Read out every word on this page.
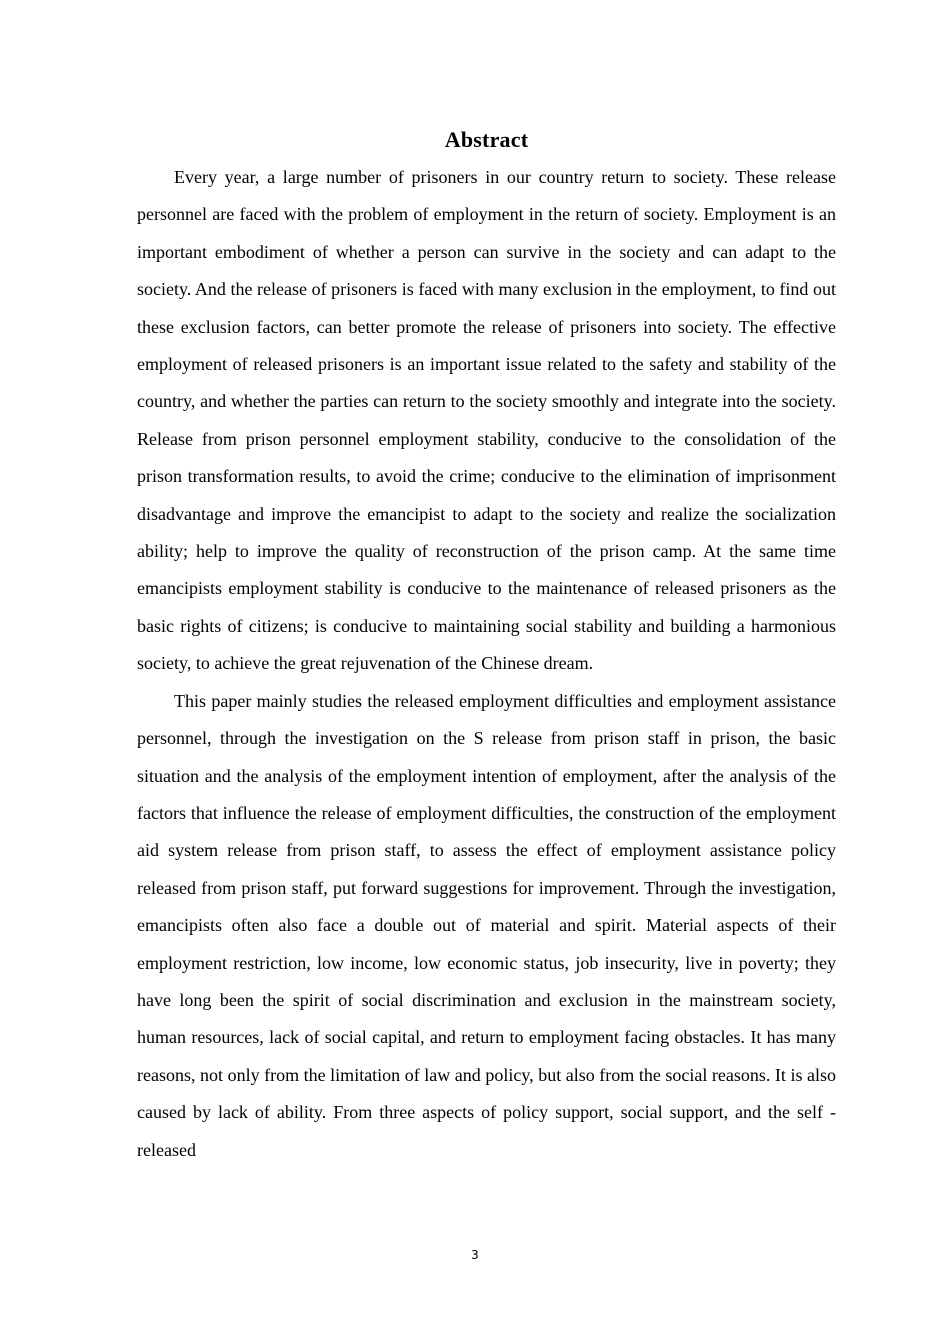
Abstract

Every year, a large number of prisoners in our country return to society. These release personnel are faced with the problem of employment in the return of society. Employment is an important embodiment of whether a person can survive in the society and can adapt to the society. And the release of prisoners is faced with many exclusion in the employment, to find out these exclusion factors, can better promote the release of prisoners into society. The effective employment of released prisoners is an important issue related to the safety and stability of the country, and whether the parties can return to the society smoothly and integrate into the society. Release from prison personnel employment stability, conducive to the consolidation of the prison transformation results, to avoid the crime; conducive to the elimination of imprisonment disadvantage and improve the emancipist to adapt to the society and realize the socialization ability; help to improve the quality of reconstruction of the prison camp. At the same time emancipists employment stability is conducive to the maintenance of released prisoners as the basic rights of citizens; is conducive to maintaining social stability and building a harmonious society, to achieve the great rejuvenation of the Chinese dream.

This paper mainly studies the released employment difficulties and employment assistance personnel, through the investigation on the S release from prison staff in prison, the basic situation and the analysis of the employment intention of employment, after the analysis of the factors that influence the release of employment difficulties, the construction of the employment aid system release from prison staff, to assess the effect of employment assistance policy released from prison staff, put forward suggestions for improvement. Through the investigation, emancipists often also face a double out of material and spirit. Material aspects of their employment restriction, low income, low economic status, job insecurity, live in poverty; they have long been the spirit of social discrimination and exclusion in the mainstream society, human resources, lack of social capital, and return to employment facing obstacles. It has many reasons, not only from the limitation of law and policy, but also from the social reasons. It is also caused by lack of ability. From three aspects of policy support, social support, and the self - released

3
